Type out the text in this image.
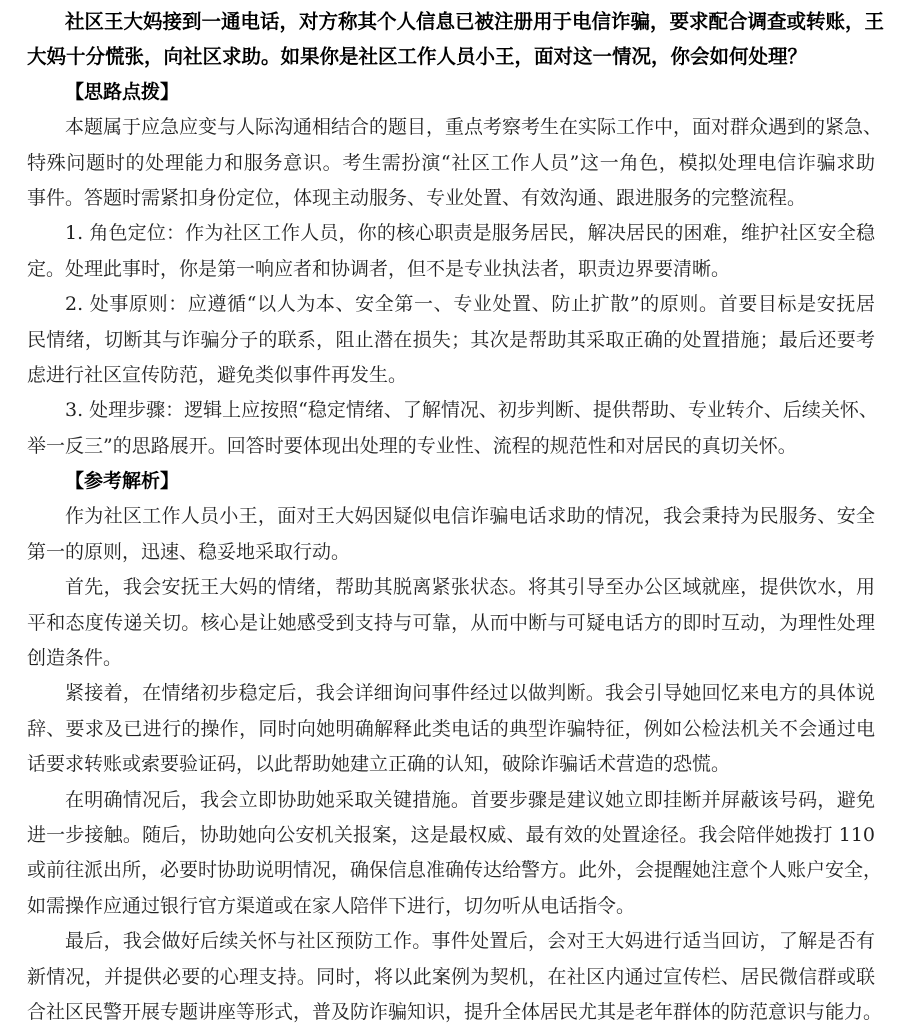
社区王大妈接到一通电话，对方称其个人信息已被注册用于电信诈骗，要求配合调查或转账，王
大妈十分慌张，向社区求助。如果你是社区工作人员小王，面对这一情况，你会如何处理？
【思路点拨】
本题属于应急应变与人际沟通相结合的题目，重点考察考生在实际工作中，面对群众遇到的紧急、
特殊问题时的处理能力和服务意识。考生需扮演“社区工作人员”这一角色，模拟处理电信诈骗求助
事件。答题时需紧扣身份定位，体现主动服务、专业处置、有效沟通、跟进服务的完整流程。
1. 角色定位：作为社区工作人员，你的核心职责是服务居民，解决居民的困难，维护社区安全稳
定。处理此事时，你是第一响应者和协调者，但不是专业执法者，职责边界要清晰。
2. 处事原则：应遵循“以人为本、安全第一、专业处置、防止扩散”的原则。首要目标是安抚居
民情绪，切断其与诈骗分子的联系，阻止潜在损失；其次是帮助其采取正确的处置措施；最后还要考
虑进行社区宣传防范，避免类似事件再发生。
3. 处理步骤：逻辑上应按照“稳定情绪、了解情况、初步判断、提供帮助、专业转介、后续关怀、
举一反三”的思路展开。回答时要体现出处理的专业性、流程的规范性和对居民的真切关怀。
【参考解析】
作为社区工作人员小王，面对王大妈因疑似电信诈骗电话求助的情况，我会秉持为民服务、安全
第一的原则，迅速、稳妥地采取行动。
首先，我会安抚王大妈的情绪，帮助其脱离紧张状态。将其引导至办公区域就座，提供饮水，用
平和态度传递关切。核心是让她感受到支持与可靠，从而中断与可疑电话方的即时互动，为理性处理
创造条件。
紧接着，在情绪初步稳定后，我会详细询问事件经过以做判断。我会引导她回忆来电方的具体说
辞、要求及已进行的操作，同时向她明确解释此类电话的典型诈骗特征，例如公检法机关不会通过电
话要求转账或索要验证码，以此帮助她建立正确的认知，破除诈骗话术营造的恐慌。
在明确情况后，我会立即协助她采取关键措施。首要步骤是建议她立即挂断并屏蔽该号码，避免
进一步接触。随后，协助她向公安机关报案，这是最权威、最有效的处置途径。我会陪伴她拨打 110
或前往派出所，必要时协助说明情况，确保信息准确传达给警方。此外，会提醒她注意个人账户安全，
如需操作应通过银行官方渠道或在家人陪伴下进行，切勿听从电话指令。
最后，我会做好后续关怀与社区预防工作。事件处置后，会对王大妈进行适当回访，了解是否有
新情况，并提供必要的心理支持。同时，将以此案例为契机，在社区内通过宣传栏、居民微信群或联
合社区民警开展专题讲座等形式，普及防诈骗知识，提升全体居民尤其是老年群体的防范意识与能力。
